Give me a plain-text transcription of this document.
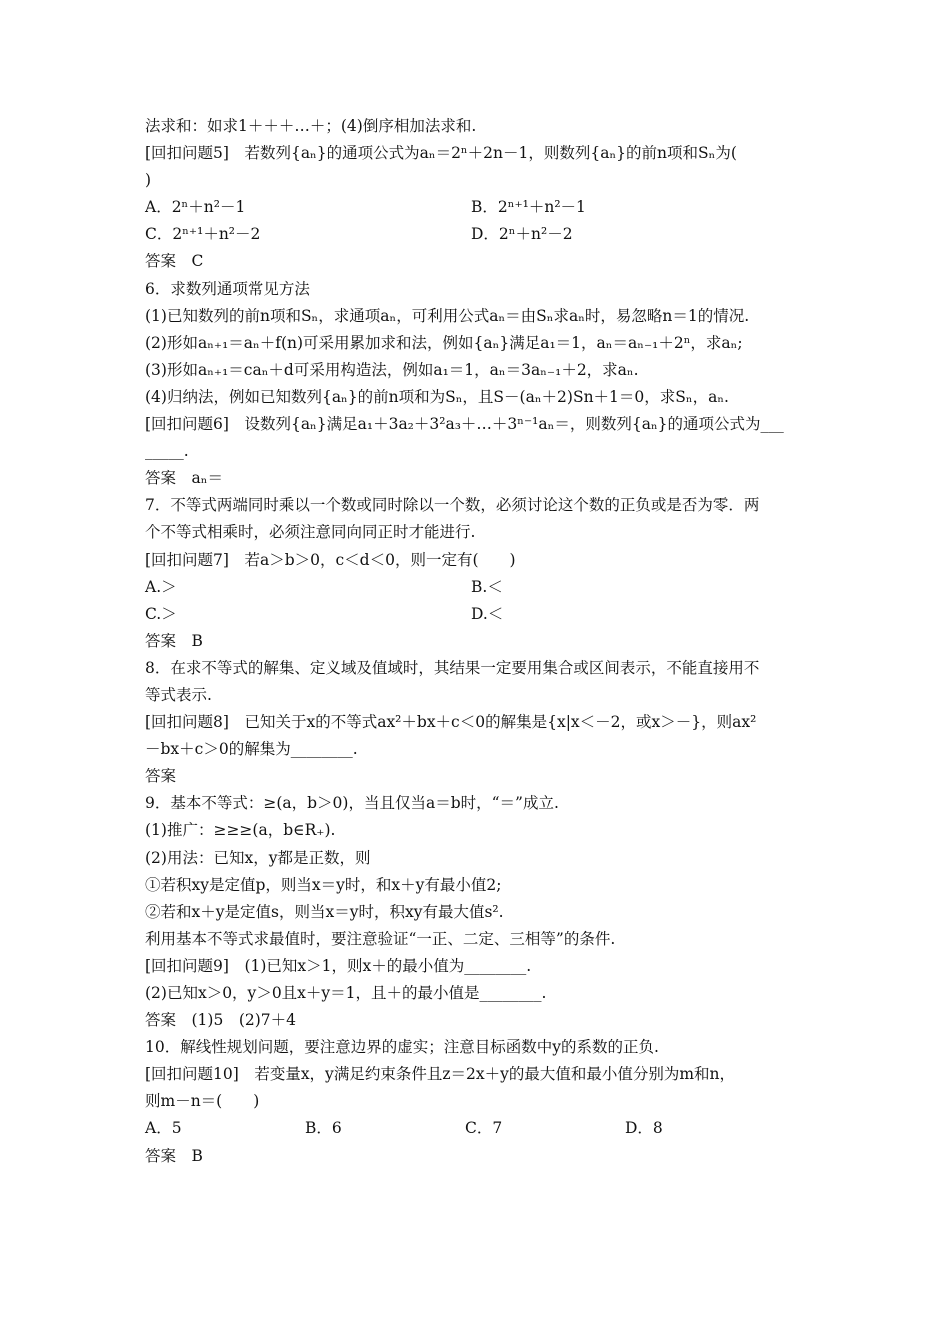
法求和：如求1＋＋＋…＋；(4)倒序相加法求和.
[回扣问题5]　若数列{aₙ}的通项公式为aₙ＝2ⁿ＋2n－1，则数列{aₙ}的前n项和Sₙ为(
)
A．2ⁿ＋n²－1	B．2ⁿ⁺¹＋n²－1
C．2ⁿ⁺¹＋n²－2	D．2ⁿ＋n²－2
答案　C
6．求数列通项常见方法
(1)已知数列的前n项和Sₙ，求通项aₙ，可利用公式aₙ＝由Sₙ求aₙ时，易忽略n＝1的情况.
(2)形如aₙ₊₁＝aₙ＋f(n)可采用累加求和法，例如{aₙ}满足a₁＝1，aₙ＝aₙ₋₁＋2ⁿ，求aₙ;
(3)形如aₙ₊₁＝caₙ＋d可采用构造法，例如a₁＝1，aₙ＝3aₙ₋₁＋2，求aₙ.
(4)归纳法，例如已知数列{aₙ}的前n项和为Sₙ，且S－(aₙ＋2)Sn＋1＝0，求Sₙ，aₙ.
[回扣问题6]　设数列{aₙ}满足a₁＋3a₂＋3²a₃＋…＋3ⁿ⁻¹aₙ＝，则数列{aₙ}的通项公式为___
_____.
答案　aₙ＝
7．不等式两端同时乘以一个数或同时除以一个数，必须讨论这个数的正负或是否为零．两
个不等式相乘时，必须注意同向同正时才能进行.
[回扣问题7]　若a＞b＞0，c＜d＜0，则一定有(　　)
A.＞	B.＜
C.＞	D.＜
答案　B
8．在求不等式的解集、定义域及值域时，其结果一定要用集合或区间表示，不能直接用不
等式表示.
[回扣问题8]　已知关于x的不等式ax²＋bx＋c＜0的解集是{x|x＜－2，或x＞－}，则ax²
－bx＋c＞0的解集为________.
答案
9．基本不等式：≥(a，b＞0)，当且仅当a＝b时，“＝”成立.
(1)推广：≥≥≥(a，b∈R₊).
(2)用法：已知x，y都是正数，则
①若积xy是定值p，则当x＝y时，和x＋y有最小值2;
②若和x＋y是定值s，则当x＝y时，积xy有最大值s².
利用基本不等式求最值时，要注意验证“一正、二定、三相等”的条件.
[回扣问题9]　(1)已知x＞1，则x＋的最小值为________.
(2)已知x＞0，y＞0且x＋y＝1，且＋的最小值是________.
答案　(1)5　(2)7＋4
10．解线性规划问题，要注意边界的虚实；注意目标函数中y的系数的正负.
[回扣问题10]　若变量x，y满足约束条件且z＝2x＋y的最大值和最小值分别为m和n，
则m－n＝(　　)
A．5	B．6	C．7	D．8
答案　B
